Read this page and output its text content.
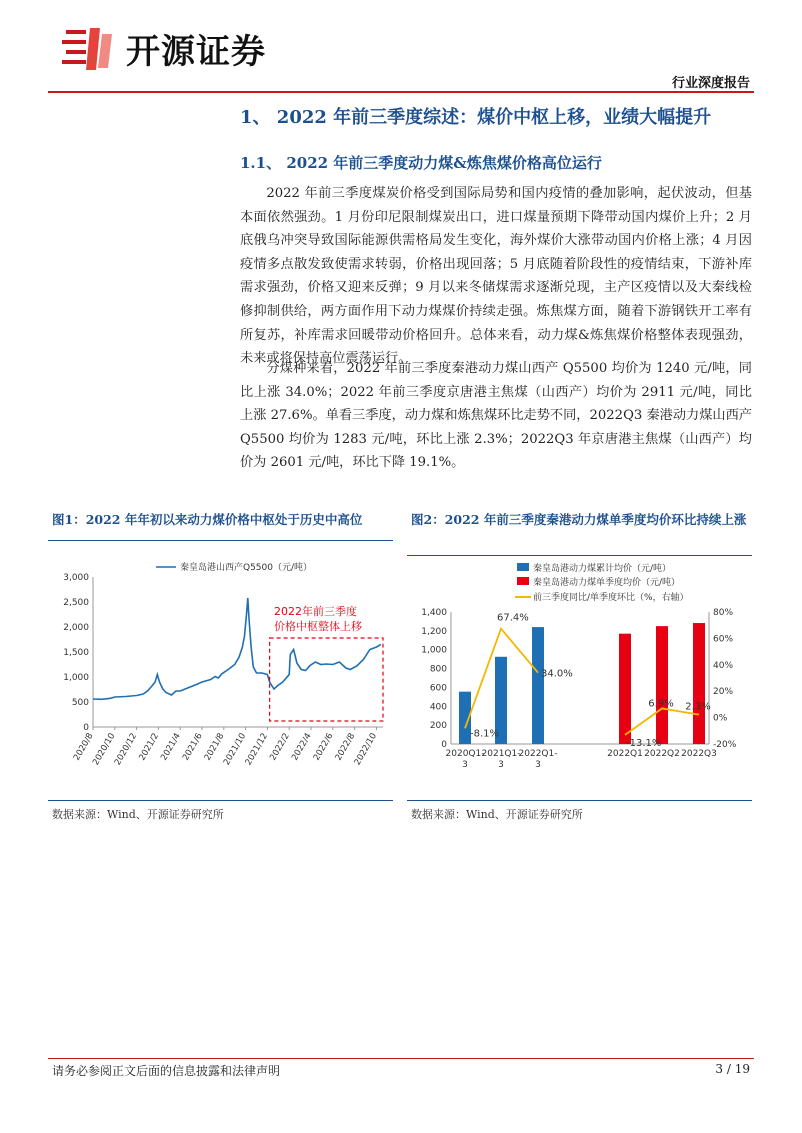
开源证券
行业深度报告
1、 2022 年前三季度综述：煤价中枢上移，业绩大幅提升
1.1、 2022 年前三季度动力煤&炼焦煤价格高位运行

2022 年前三季度煤炭价格受到国际局势和国内疫情的叠加影响，起伏波动，但基本面依然强劲。1 月份印尼限制煤炭出口，进口煤量预期下降带动国内煤价上升；2 月底俄乌冲突导致国际能源供需格局发生变化，海外煤价大涨带动国内价格上涨；4 月因疫情多点散发致使需求转弱，价格出现回落；5 月底随着阶段性的疫情结束，下游补库需求强劲，价格又迎来反弹；9 月以来冬储煤需求逐渐兑现，主产区疫情以及大秦线检修抑制供给，两方面作用下动力煤煤价持续走强。炼焦煤方面，随着下游钢铁开工率有所复苏，补库需求回暖带动价格回升。总体来看，动力煤&炼焦煤价格整体表现强劲，未来或将保持高位震荡运行。

分煤种来看，2022 年前三季度秦港动力煤山西产 Q5500 均价为 1240 元/吨，同比上涨 34.0%；2022 年前三季度京唐港主焦煤（山西产）均价为 2911 元/吨，同比上涨 27.6%。单看三季度，动力煤和炼焦煤环比走势不同，2022Q3 秦港动力煤山西产 Q5500 均价为 1283 元/吨，环比上涨 2.3%；2022Q3 年京唐港主焦煤（山西产）均价为 2601 元/吨，环比下降 19.1%。

图1：2022 年年初以来动力煤价格中枢处于历史中高位
0
500
1,000
1,500
2,000
2,500
3,000
2020/8
2020/10
2020/12
2021/2
2021/4
2021/6
2021/8
2021/10
2021/12
2022/2
2022/4
2022/6
2022/8
2022/10
秦皇岛港山西产Q5500（元/吨）
2022年前三季度
价格中枢整体上移
数据来源：Wind、开源证券研究所
图2：2022 年前三季度秦港动力煤单季度均价环比持续上涨
0
200
400
600
800
1,000
1,200
1,400
-20%
0%
20%
40%
60%
80%
-8.1%
67.4%
34.0%
-13.1%
6.9% 2.3%
2020Q1-
3
2021Q1-
3
2022Q1-
3
2022Q1 2022Q2 2022Q3
秦皇岛港动力煤累计均价（元/吨）
秦皇岛港动力煤单季度均价（元/吨）
前三季度同比/单季度环比（%，右轴）
数据来源：Wind、开源证券研究所
请务必参阅正文后面的信息披露和法律声明	3 / 19
